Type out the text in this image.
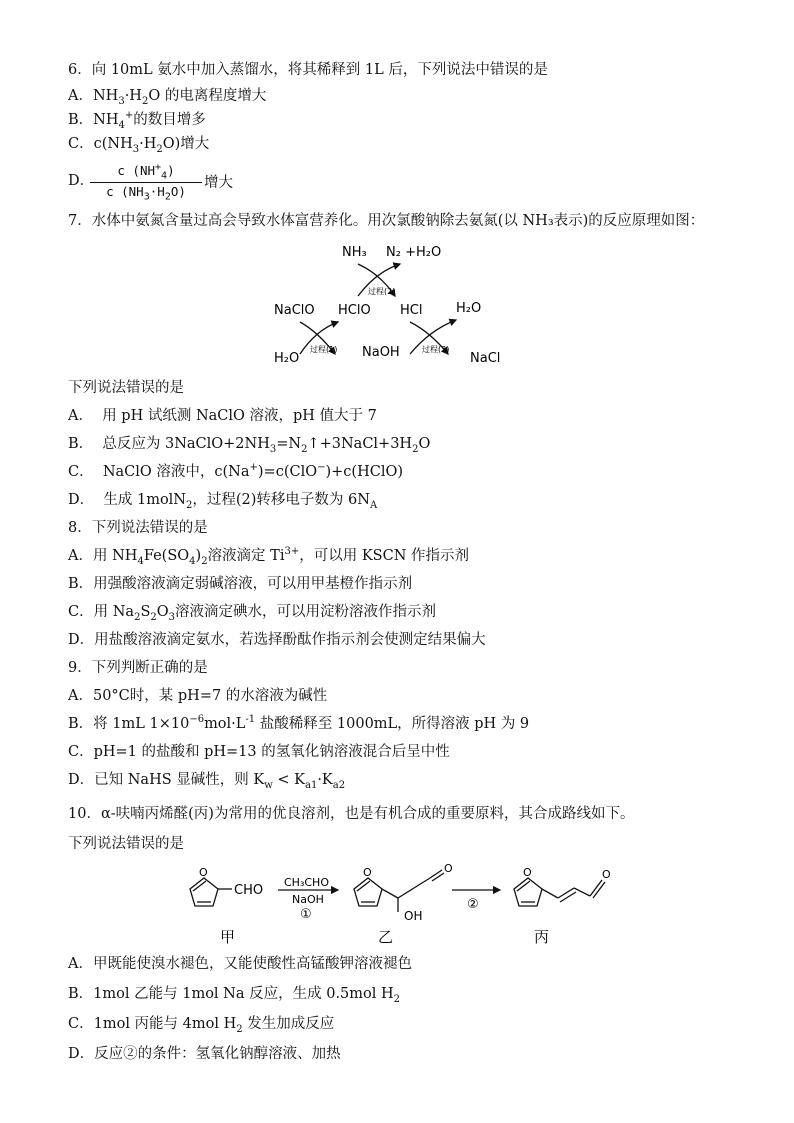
6．向 10mL 氨水中加入蒸馏水，将其稀释到 1L 后，下列说法中错误的是
A．$NH_3\cdot H_2O$ 的电离程度增大
B．$NH_4^+$的数目增多
C．$c(NH_3\cdot H_2O)$增大
D．
c $(NH^+_4)$
c $(NH_3\cdot H_2O)$
增大
7．水体中氨氮含量过高会导致水体富营养化。用次氯酸钠除去氨氮(以 NH₃表示)的反应原理如图：
NH₃ N₂ +H₂O
过程(2)
NaClO HClO HCl	H₂O
过程(1)	过程(3)
H₂O	NaOH	NaCl
下列说法错误的是
A． 用 pH 试纸测 NaClO 溶液，pH 值大于 7
B． 总反应为 $3NaClO+2NH_3=N_2↑+3NaCl+3H_2O$
C． NaClO 溶液中，c(Na+)=c(ClO−)+c(HClO)
D． 生成 1molN$_2$，过程(2)转移电子数为 $6N_A$
8．下列说法错误的是
A．用 $NH_4Fe(SO_4)_2$溶液滴定 $Ti^{3+}$，可以用 KSCN 作指示剂
B．用强酸溶液滴定弱碱溶液，可以用甲基橙作指示剂
C．用 $Na_2S_2O_3$溶液滴定碘水，可以用淀粉溶液作指示剂
D．用盐酸溶液滴定氨水，若选择酚酞作指示剂会使测定结果偏大
9．下列判断正确的是
A．50°C时，某 pH=7 的水溶液为碱性
B．将 1mL $1\times 10^{-6}mol\cdot L^{-1}$ 盐酸稀释至 1000mL，所得溶液 pH 为 9
C．pH=1 的盐酸和 pH=13 的氢氧化钠溶液混合后呈中性
D．已知 NaHS 显碱性，则 $K_w < K_{a1}\cdot K_{a2}$
10．α-呋喃丙烯醛(丙)为常用的优良溶剂，也是有机合成的重要原料，其合成路线如下。
下列说法错误的是
O
CHO
CH₃CHO
NaOH
①
O	O
OH
②
O	O
甲	乙	丙
A．甲既能使溴水褪色，又能使酸性高锰酸钾溶液褪色
B．1mol 乙能与 1mol Na 反应，生成 0.5mol $H_2$
C．1mol 丙能与 4mol $H_2$ 发生加成反应
D．反应②的条件：氢氧化钠醇溶液、加热
